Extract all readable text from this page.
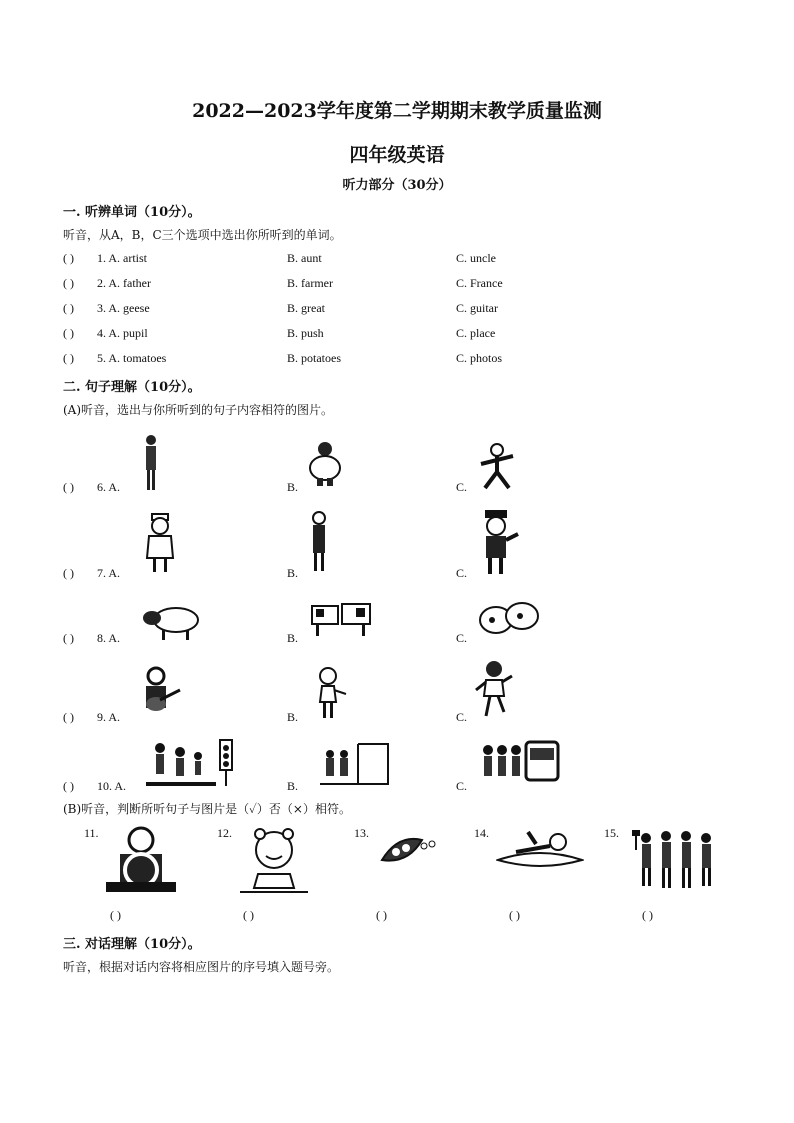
2022—2023学年度第二学期期末教学质量监测
四年级英语
听力部分（30分）
一. 听辨单词（10分）。
听音，从A，B，C三个选项中选出你所听到的单词。
( ) 1. A. artist	B. aunt	C. uncle
( ) 2. A. father	B. farmer	C. France
( ) 3. A. geese	B. great	C. guitar
( ) 4. A. pupil	B. push	C. place
( ) 5. A. tomatoes	B. potatoes	C. photos
二. 句子理解（10分）。
(A)听音，选出与你所听到的句子内容相符的图片。
( ) 6. A.	B.	C.
( ) 7. A.	B.	C.
( ) 8. A.	B.	C.
( ) 9. A.	B.	C.
( ) 10. A.	B.	C.
(B)听音，判断所听句子与图片是（✓）否（×）相符。
11.
( )
12.
( )
13.
( )
14.
( )
15.
( )
三. 对话理解（10分）。
听音，根据对话内容将相应图片的序号填入题号旁。
